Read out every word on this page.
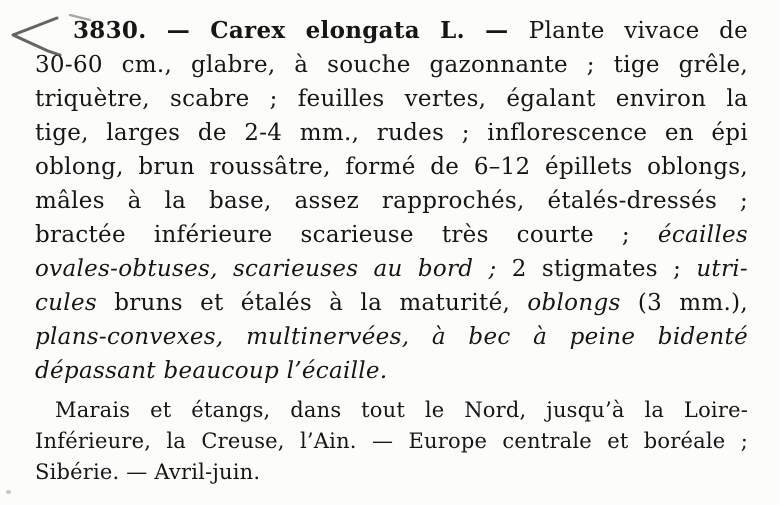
3830. — Carex elongata L. — Plante vivace de
30-60 cm., glabre, à souche gazonnante ; tige grêle,
triquètre, scabre ; feuilles vertes, égalant environ la
tige, larges de 2-4 mm., rudes ; inflorescence en épi
oblong, brun roussâtre, formé de 6–12 épillets oblongs,
mâles à la base, assez rapprochés, étalés-dressés ;
bractée inférieure scarieuse très courte ; écailles
ovales-obtuses, scarieuses au bord ; 2 stigmates ; utri-
cules bruns et étalés à la maturité, oblongs (3 mm.),
plans-convexes, multinervées, à bec à peine bidenté
dépassant beaucoup l’écaille.
Marais et étangs, dans tout le Nord, jusqu’à la Loire-
Inférieure, la Creuse, l’Ain. — Europe centrale et boréale ;
Sibérie. — Avril-juin.
